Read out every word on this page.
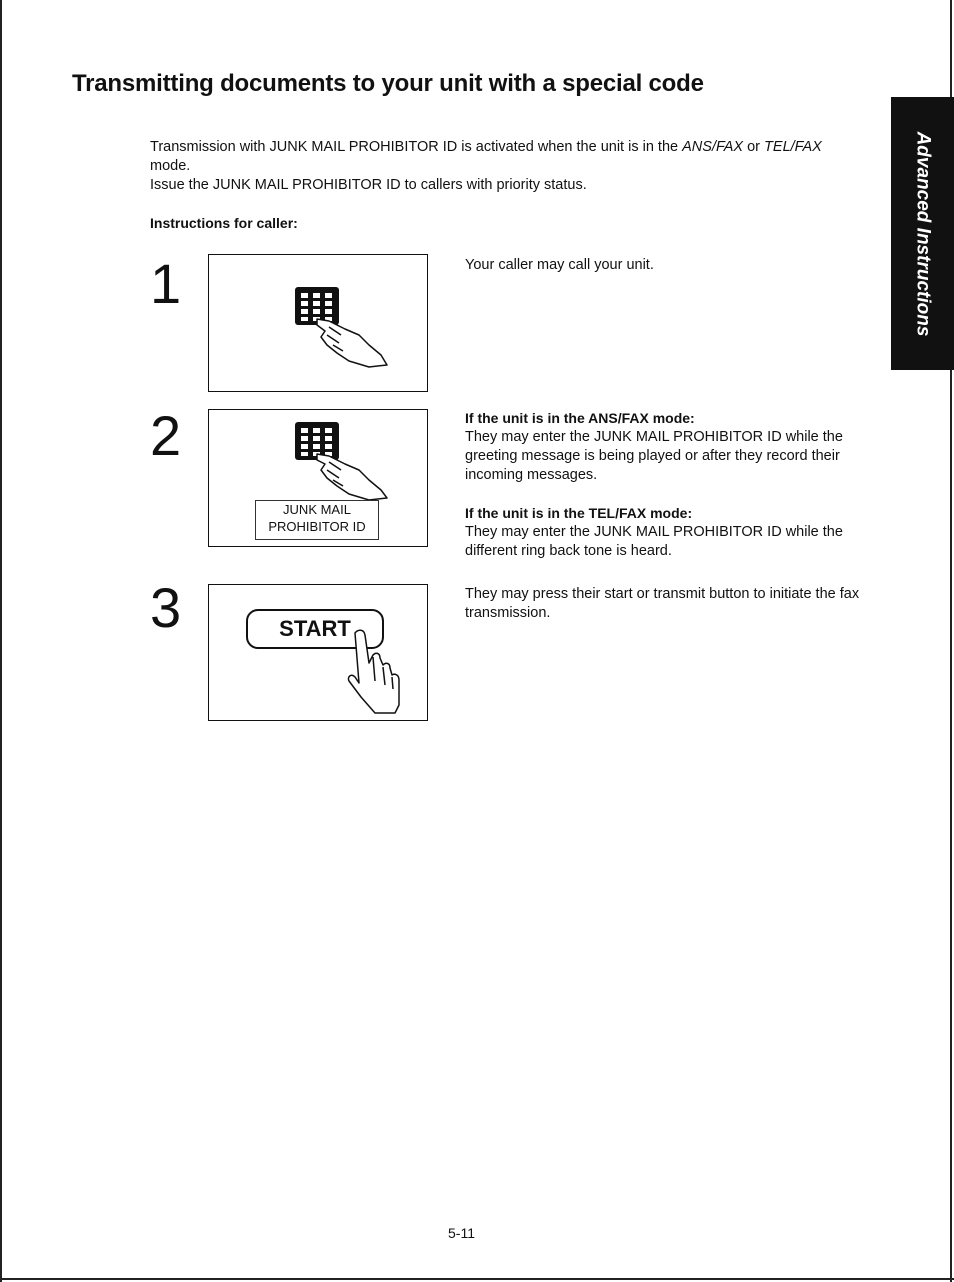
Transmitting documents to your unit with a special code

Transmission with JUNK MAIL PROHIBITOR ID is activated when the unit is in the ANS/FAX or TEL/FAX mode.

Issue the JUNK MAIL PROHIBITOR ID to callers with priority status.

Instructions for caller:	Advanced Instructions
1	Your caller may call your unit.

2
JUNK MAIL
PROHIBITOR ID

If the unit is in the ANS/FAX mode:

They may enter the JUNK MAIL PROHIBITOR ID while the greeting message is being played or after they record their incoming messages.

If the unit is in the TEL/FAX mode:

They may enter the JUNK MAIL PROHIBITOR ID while the different ring back tone is heard.

3	START

They may press their start or transmit button to initiate the fax transmission.

5-11
